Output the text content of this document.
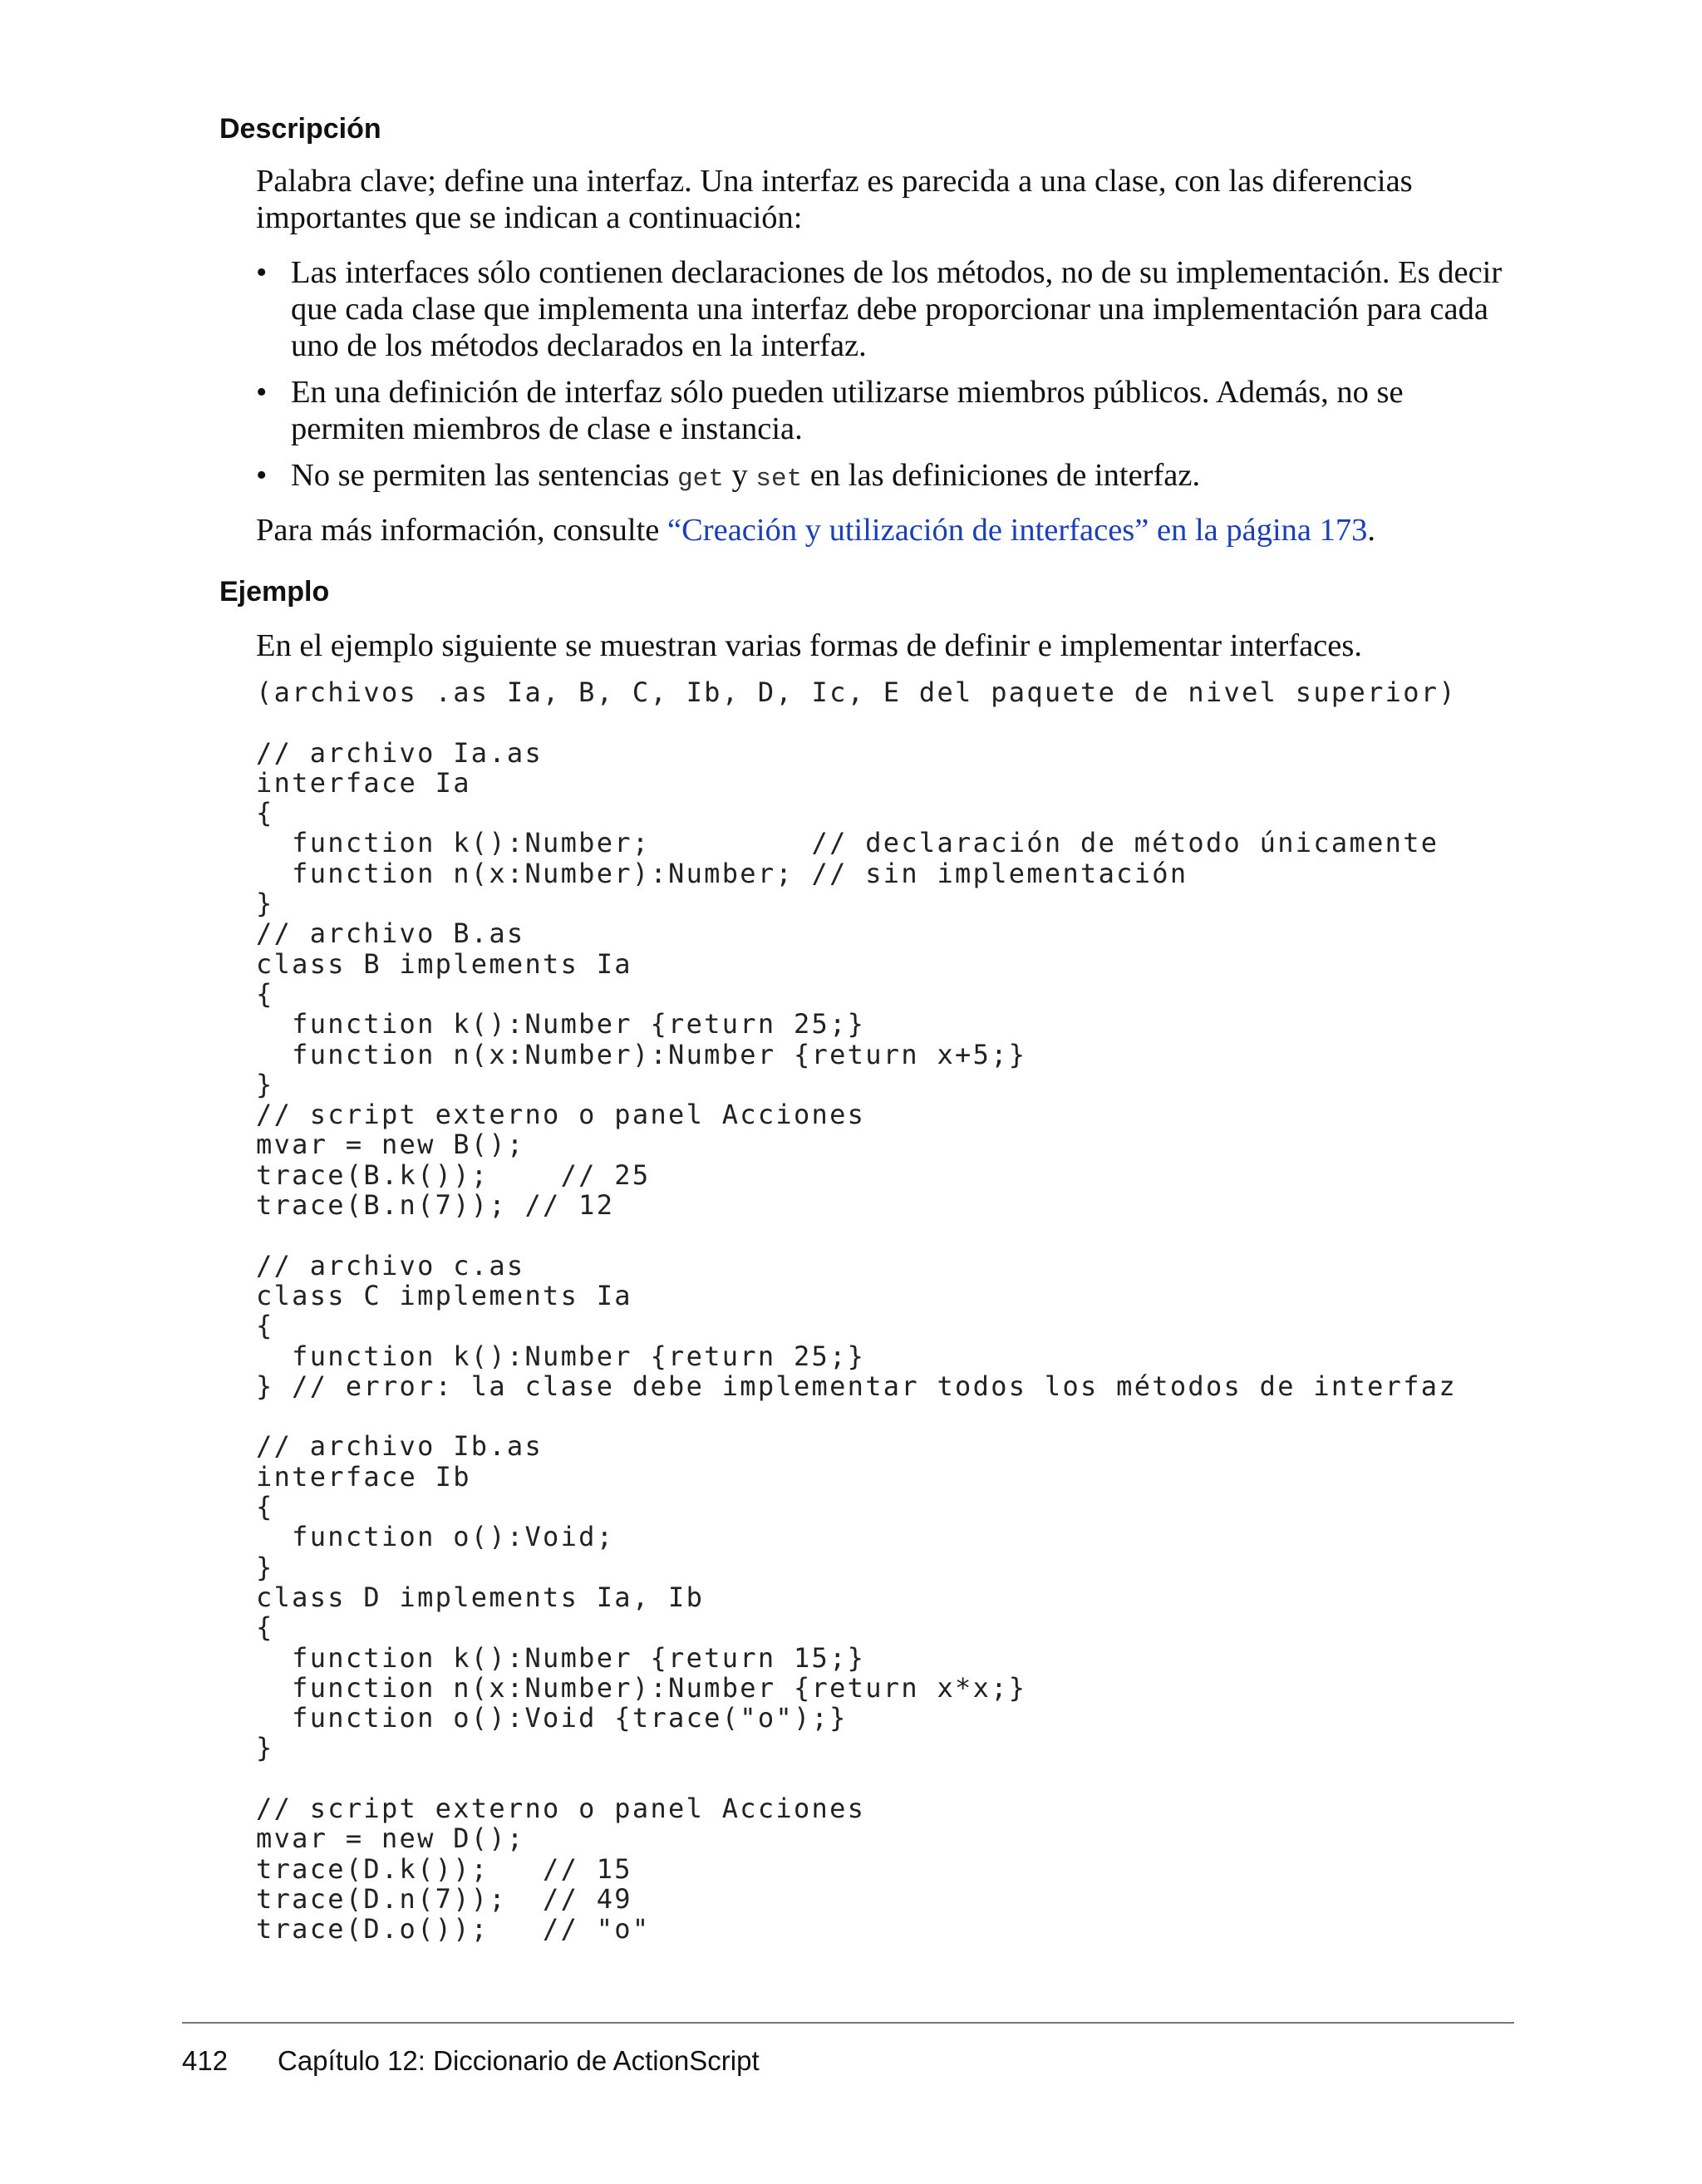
Descripción

Palabra clave; define una interfaz. Una interfaz es parecida a una clase, con las diferencias importantes que se indican a continuación:

• Las interfaces sólo contienen declaraciones de los métodos, no de su implementación. Es decir que cada clase que implementa una interfaz debe proporcionar una implementación para cada uno de los métodos declarados en la interfaz.
• En una definición de interfaz sólo pueden utilizarse miembros públicos. Además, no se permiten miembros de clase e instancia.
• No se permiten las sentencias get y set en las definiciones de interfaz.

Para más información, consulte “Creación y utilización de interfaces” en la página 173.

Ejemplo

En el ejemplo siguiente se muestran varias formas de definir e implementar interfaces.

(archivos .as Ia, B, C, Ib, D, Ic, E del paquete de nivel superior)

// archivo Ia.as
interface Ia
{
function k():Number;         // declaración de método únicamente
function n(x:Number):Number; // sin implementación
}
// archivo B.as
class B implements Ia
{
function k():Number {return 25;}
function n(x:Number):Number {return x+5;}
}
// script externo o panel Acciones
mvar = new B();
trace(B.k());    // 25
trace(B.n(7)); // 12

// archivo c.as
class C implements Ia
{
function k():Number {return 25;}
} // error: la clase debe implementar todos los métodos de interfaz

// archivo Ib.as
interface Ib
{
function o():Void;
}
class D implements Ia, Ib
{
function k():Number {return 15;}
function n(x:Number):Number {return x*x;}
function o():Void {trace("o");}
}

// script externo o panel Acciones
mvar = new D();
trace(D.k());   // 15
trace(D.n(7));  // 49
trace(D.o());   // "o"
412 Capítulo 12: Diccionario de ActionScript
